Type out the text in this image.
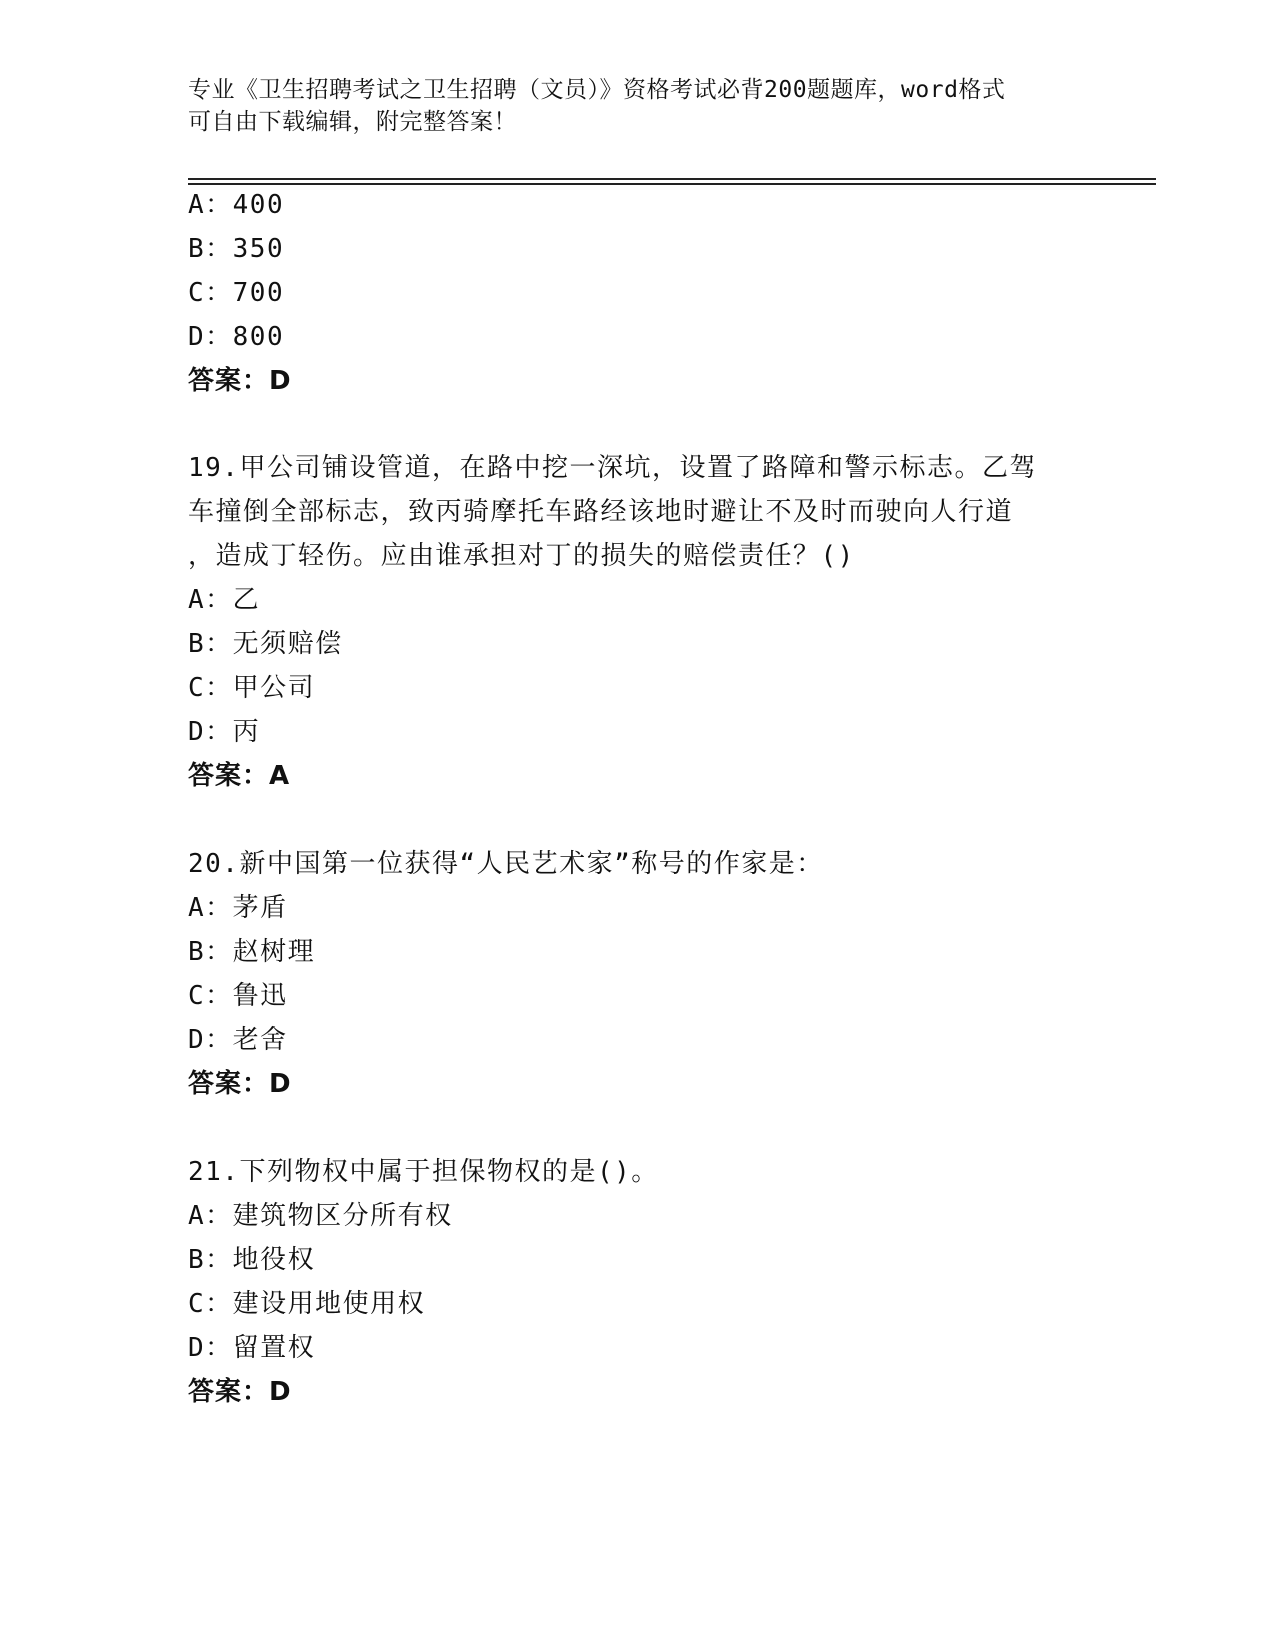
专业《卫生招聘考试之卫生招聘（文员）》资格考试必背200题题库，word格式
可自由下载编辑，附完整答案！
A：400
B：350
C：700
D：800
答案：D
19.甲公司铺设管道，在路中挖一深坑，设置了路障和警示标志。乙驾
车撞倒全部标志，致丙骑摩托车路经该地时避让不及时而驶向人行道
，造成丁轻伤。应由谁承担对丁的损失的赔偿责任？()
A：乙
B：无须赔偿
C：甲公司
D：丙
答案：A
20.新中国第一位获得“人民艺术家”称号的作家是：
A：茅盾
B：赵树理
C：鲁迅
D：老舍
答案：D
21.下列物权中属于担保物权的是()。
A：建筑物区分所有权
B：地役权
C：建设用地使用权
D：留置权
答案：D
